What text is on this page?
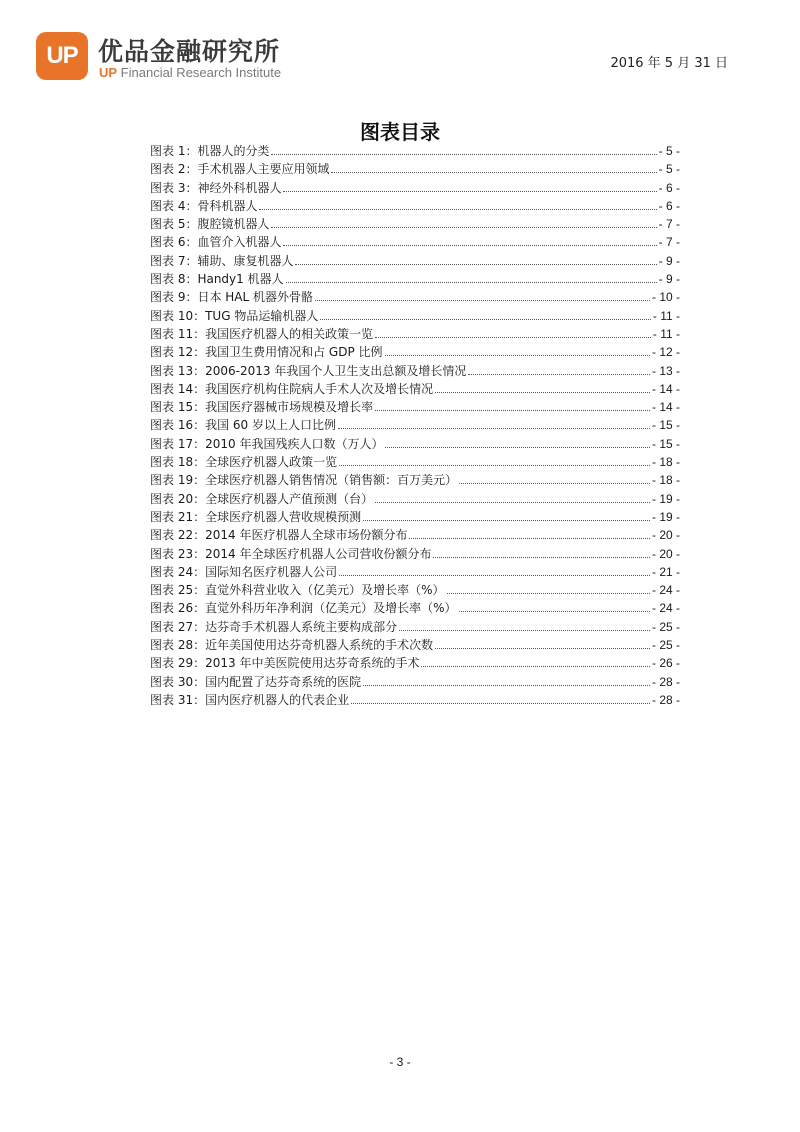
UP 优品金融研究所
UP Financial Research Institute
2016 年 5 月 31 日
图表目录
图表 1： 机器人的分类	- 5 -
图表 2： 手术机器人主要应用领域	- 5 -
图表 3： 神经外科机器人	- 6 -
图表 4： 骨科机器人	- 6 -
图表 5： 腹腔镜机器人	- 7 -
图表 6： 血管介入机器人	- 7 -
图表 7： 辅助、康复机器人	- 9 -
图表 8： Handy1 机器人	- 9 -
图表 9： 日本 HAL 机器外骨骼	- 10 -
图表 10： TUG 物品运输机器人	- 11 -
图表 11： 我国医疗机器人的相关政策一览	- 11 -
图表 12： 我国卫生费用情况和占 GDP 比例	- 12 -
图表 13： 2006-2013 年我国个人卫生支出总额及增长情况	- 13 -
图表 14： 我国医疗机构住院病人手术人次及增长情况	- 14 -
图表 15： 我国医疗器械市场规模及增长率	- 14 -
图表 16： 我国 60 岁以上人口比例	- 15 -
图表 17： 2010 年我国残疾人口数（万人）	- 15 -
图表 18： 全球医疗机器人政策一览	- 18 -
图表 19： 全球医疗机器人销售情况（销售额：百万美元）	- 18 -
图表 20： 全球医疗机器人产值预测（台）	- 19 -
图表 21： 全球医疗机器人营收规模预测	- 19 -
图表 22： 2014 年医疗机器人全球市场份额分布	- 20 -
图表 23： 2014 年全球医疗机器人公司营收份额分布	- 20 -
图表 24： 国际知名医疗机器人公司	- 21 -
图表 25： 直觉外科营业收入（亿美元）及增长率（%）	- 24 -
图表 26： 直觉外科历年净利润（亿美元）及增长率（%）	- 24 -
图表 27： 达芬奇手术机器人系统主要构成部分	- 25 -
图表 28： 近年美国使用达芬奇机器人系统的手术次数	- 25 -
图表 29： 2013 年中美医院使用达芬奇系统的手术	- 26 -
图表 30： 国内配置了达芬奇系统的医院	- 28 -
图表 31： 国内医疗机器人的代表企业	- 28 -
- 3 -
